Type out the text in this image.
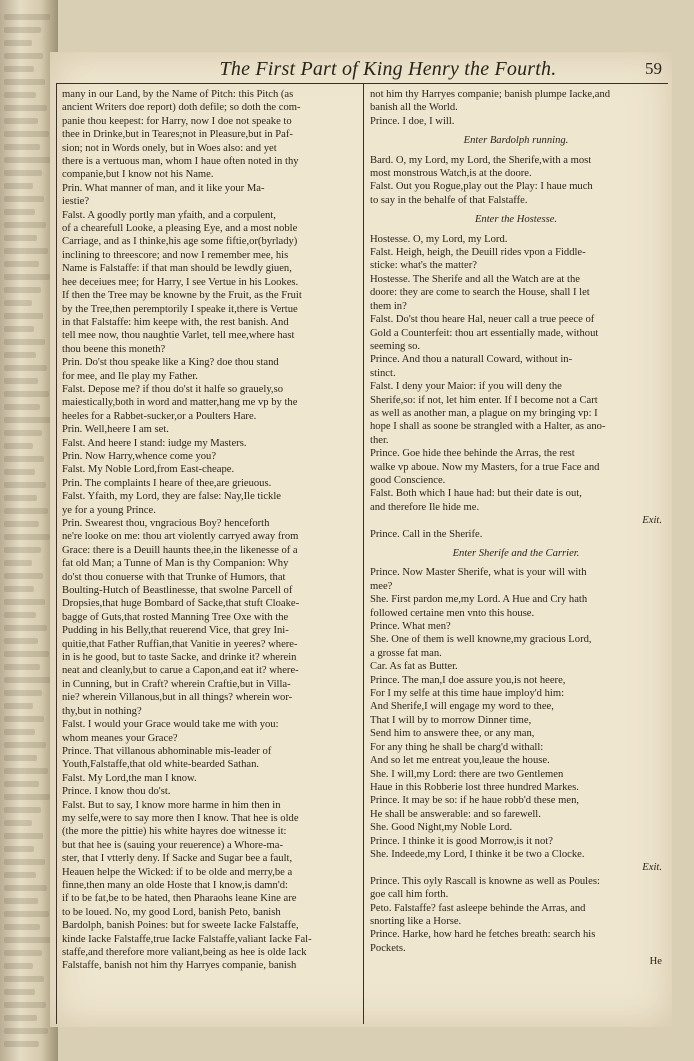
The First Part of King Henry the Fourth.	59

many in our Land, by the Name of Pitch: this Pitch (as

ancient Writers doe report) doth defile; so doth the com-

panie thou keepest: for Harry, now I doe not speake to

thee in Drinke,but in Teares;not in Pleasure,but in Paf-

sion; not in Words onely, but in Woes also: and yet

there is a vertuous man, whom I haue often noted in thy

companie,but I know not his Name.

Prin. What manner of man, and it like your Ma-

iestie?

Falst. A goodly portly man yfaith, and a corpulent,

of a chearefull Looke, a pleasing Eye, and a most noble

Carriage, and as I thinke,his age some fiftie,or(byrlady)

inclining to threescore; and now I remember mee, his

Name is Falstaffe: if that man should be lewdly giuen,

hee deceiues mee; for Harry, I see Vertue in his Lookes.

If then the Tree may be knowne by the Fruit, as the Fruit

by the Tree,then peremptorily I speake it,there is Vertue

in that Falstaffe: him keepe with, the rest banish. And

tell mee now, thou naughtie Varlet, tell mee,where hast

thou beene this moneth?

Prin. Do'st thou speake like a King? doe thou stand

for mee, and Ile play my Father.

Falst. Depose me? if thou do'st it halfe so grauely,so

maiestically,both in word and matter,hang me vp by the

heeles for a Rabbet-sucker,or a Poulters Hare.

Prin. Well,heere I am set.

Falst. And heere I stand: iudge my Masters.

Prin. Now Harry,whence come you?

Falst. My Noble Lord,from East-cheape.

Prin. The complaints I heare of thee,are grieuous.

Falst. Yfaith, my Lord, they are false: Nay,Ile tickle

ye for a young Prince.

Prin. Swearest thou, vngracious Boy? henceforth

ne're looke on me: thou art violently carryed away from

Grace: there is a Deuill haunts thee,in the likenesse of a

fat old Man; a Tunne of Man is thy Companion: Why

do'st thou conuerse with that Trunke of Humors, that

Boulting-Hutch of Beastlinesse, that swolne Parcell of

Dropsies,that huge Bombard of Sacke,that stuft Cloake-

bagge of Guts,that rosted Manning Tree Oxe with the

Pudding in his Belly,that reuerend Vice, that grey Ini-

quitie,that Father Ruffian,that Vanitie in yeeres? where-

in is he good, but to taste Sacke, and drinke it? wherein

neat and cleanly,but to carue a Capon,and eat it? where-

in Cunning, but in Craft? wherein Craftie,but in Villa-

nie? wherein Villanous,but in all things? wherein wor-

thy,but in nothing?

Falst. I would your Grace would take me with you:

whom meanes your Grace?

Prince. That villanous abhominable mis-leader of

Youth,Falstaffe,that old white-bearded Sathan.

Falst. My Lord,the man I know.

Prince. I know thou do'st.

Falst. But to say, I know more harme in him then in

my selfe,were to say more then I know. That hee is olde

(the more the pittie) his white hayres doe witnesse it:

but that hee is (sauing your reuerence) a Whore-ma-

ster, that I vtterly deny. If Sacke and Sugar bee a fault,

Heauen helpe the Wicked: if to be olde and merry,be a

finne,then many an olde Hoste that I know,is damn'd:

if to be fat,be to be hated, then Pharaohs leane Kine are

to be loued. No, my good Lord, banish Peto, banish

Bardolph, banish Poines: but for sweete Iacke Falstaffe,

kinde Iacke Falstaffe,true Iacke Falstaffe,valiant Iacke Fal-

staffe,and therefore more valiant,being as hee is olde Iack

Falstaffe, banish not him thy Harryes companie, banish

not him thy Harryes companie; banish plumpe Iacke,and

banish all the World.

Prince. I doe, I will.

Enter Bardolph running.

Bard. O, my Lord, my Lord, the Sherife,with a most

most monstrous Watch,is at the doore.

Falst. Out you Rogue,play out the Play: I haue much

to say in the behalfe of that Falstaffe.

Enter the Hostesse.

Hostesse. O, my Lord, my Lord.

Falst. Heigh, heigh, the Deuill rides vpon a Fiddle-

sticke: what's the matter?

Hostesse. The Sherife and all the Watch are at the

doore: they are come to search the House, shall I let

them in?

Falst. Do'st thou heare Hal, neuer call a true peece of

Gold a Counterfeit: thou art essentially made, without

seeming so.

Prince. And thou a naturall Coward, without in-

stinct.

Falst. I deny your Maior: if you will deny the

Sherife,so: if not, let him enter. If I become not a Cart

as well as another man, a plague on my bringing vp: I

hope I shall as soone be strangled with a Halter, as ano-

ther.

Prince. Goe hide thee behinde the Arras, the rest

walke vp aboue. Now my Masters, for a true Face and

good Conscience.

Falst. Both which I haue had: but their date is out,

and therefore Ile hide me.

Exit.

Prince. Call in the Sherife.

Enter Sherife and the Carrier.

Prince. Now Master Sherife, what is your will with

mee?

She. First pardon me,my Lord. A Hue and Cry hath

followed certaine men vnto this house.

Prince. What men?

She. One of them is well knowne,my gracious Lord,

a grosse fat man.

Car. As fat as Butter.

Prince. The man,I doe assure you,is not heere,

For I my selfe at this time haue imploy'd him:

And Sherife,I will engage my word to thee,

That I will by to morrow Dinner time,

Send him to answere thee, or any man,

For any thing he shall be charg'd withall:

And so let me entreat you,leaue the house.

She. I will,my Lord: there are two Gentlemen

Haue in this Robberie lost three hundred Markes.

Prince. It may be so: if he haue robb'd these men,

He shall be answerable: and so farewell.

She. Good Night,my Noble Lord.

Prince. I thinke it is good Morrow,is it not?

She. Indeede,my Lord, I thinke it be two a Clocke.

Exit.

Prince. This oyly Rascall is knowne as well as Poules:

goe call him forth.

Peto. Falstaffe? fast asleepe behinde the Arras, and

snorting like a Horse.

Prince. Harke, how hard he fetches breath: search his

Pockets.

He
